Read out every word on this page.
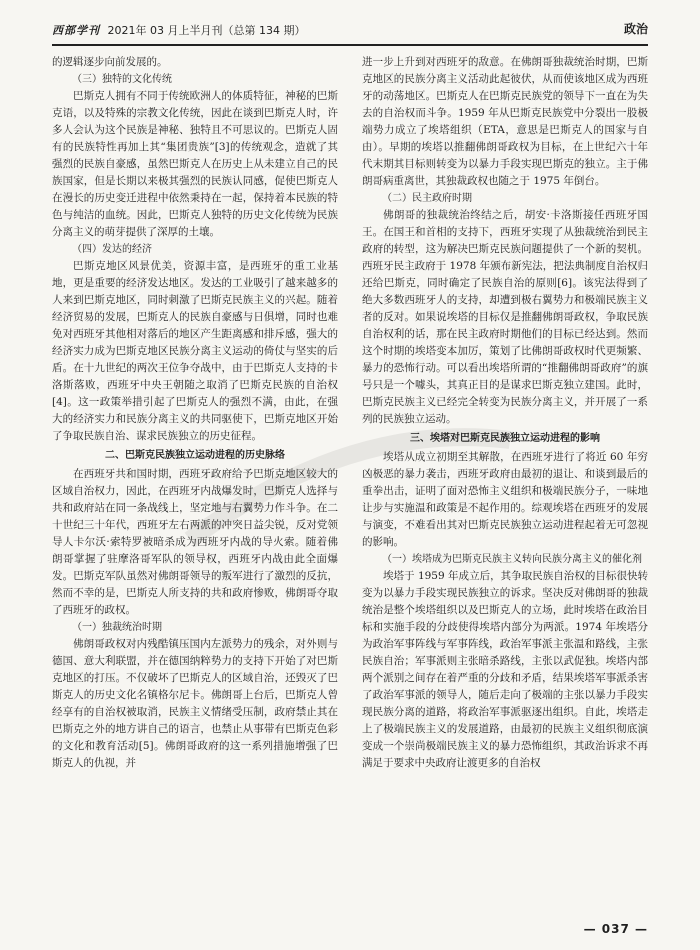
西部学刊 2021年 03 月上半月刊（总第 134 期）	政治

的逻辑逐步向前发展的。

（三）独特的文化传统

巴斯克人拥有不同于传统欧洲人的体质特征，神秘的巴斯克语，以及特殊的宗教文化传统，因此在谈到巴斯克人时，许多人会认为这个民族是神秘、独特且不可思议的。巴斯克人固有的民族特性再加上其“集团贵族”[3]的传统观念，造就了其强烈的民族自豪感，虽然巴斯克人在历史上从未建立自己的民族国家，但是长期以来极其强烈的民族认同感，促使巴斯克人在漫长的历史变迁进程中依然秉持在一起，保持着本民族的特色与纯洁的血统。因此，巴斯克人独特的历史文化传统为民族分离主义的萌芽提供了深厚的土壤。

（四）发达的经济

巴斯克地区风景优美，资源丰富，是西班牙的重工业基地，更是重要的经济发达地区。发达的工业吸引了越来越多的人来到巴斯克地区，同时刺激了巴斯克民族主义的兴起。随着经济贸易的发展，巴斯克人的民族自豪感与日俱增，同时也难免对西班牙其他相对落后的地区产生距离感和排斥感，强大的经济实力成为巴斯克地区民族分离主义运动的倚仗与坚实的后盾。在十九世纪的两次王位争夺战中，由于巴斯克人支持的卡洛斯落败，西班牙中央王朝随之取消了巴斯克民族的自治权[4]。这一政策举措引起了巴斯克人的强烈不满，由此，在强大的经济实力和民族分离主义的共同驱使下，巴斯克地区开始了争取民族自治、谋求民族独立的历史征程。

二、巴斯克民族独立运动进程的历史脉络

在西班牙共和国时期，西班牙政府给予巴斯克地区较大的区域自治权力，因此，在西班牙内战爆发时，巴斯克人选择与共和政府站在同一条战线上，坚定地与右翼势力作斗争。在二十世纪三十年代，西班牙左右两派的冲突日益尖锐，反对党领导人卡尔沃·索特罗被暗杀成为西班牙内战的导火索。随着佛朗哥掌握了驻摩洛哥军队的领导权，西班牙内战由此全面爆发。巴斯克军队虽然对佛朗哥领导的叛军进行了激烈的反抗，然而不幸的是，巴斯克人所支持的共和政府惨败，佛朗哥夺取了西班牙的政权。

（一）独裁统治时期

佛朗哥政权对内残酷镇压国内左派势力的残余，对外则与德国、意大利联盟，并在德国纳粹势力的支持下开始了对巴斯克地区的打压。不仅破坏了巴斯克人的区域自治，还毁灭了巴斯克人的历史文化名镇格尔尼卡。佛朗哥上台后，巴斯克人曾经享有的自治权被取消，民族主义情绪受压制，政府禁止其在巴斯克之外的地方讲自己的语言，也禁止从事带有巴斯克色彩的文化和教育活动[5]。佛朗哥政府的这一系列措施增强了巴斯克人的仇视，并

进一步上升到对西班牙的敌意。在佛朗哥独裁统治时期，巴斯克地区的民族分离主义活动此起彼伏，从而使该地区成为西班牙的动荡地区。巴斯克人在巴斯克民族党的领导下一直在为失去的自治权而斗争。1959 年从巴斯克民族党中分裂出一股极端势力成立了埃塔组织（ETA，意思是巴斯克人的国家与自由）。早期的埃塔以推翻佛朗哥政权为目标，在上世纪六十年代末期其目标则转变为以暴力手段实现巴斯克的独立。主于佛朗哥病重离世，其独裁政权也随之于 1975 年倒台。

（二）民主政府时期

佛朗哥的独裁统治终结之后，胡安·卡洛斯接任西班牙国王。在国王和首相的支持下，西班牙实现了从独裁统治到民主政府的转型，这为解决巴斯克民族问题提供了一个新的契机。西班牙民主政府于 1978 年颁布新宪法，把法典制度自治权归还给巴斯克，同时确定了民族自治的原则[6]。该宪法得到了绝大多数西班牙人的支持，却遭到极右翼势力和极端民族主义者的反对。如果说埃塔的目标仅是推翻佛朗哥政权，争取民族自治权利的话，那在民主政府时期他们的目标已经达到。然而这个时期的埃塔变本加厉，策划了比佛朗哥政权时代更频繁、暴力的恐怖行动。可以看出埃塔所谓的“推翻佛朗哥政府”的旗号只是一个噱头，其真正目的是谋求巴斯克独立建国。此时，巴斯克民族主义已经完全转变为民族分离主义，并开展了一系列的民族独立运动。

三、埃塔对巴斯克民族独立运动进程的影响

埃塔从成立初期至其解散，在西班牙进行了将近 60 年穷凶极恶的暴力袭击，西班牙政府由最初的退让、和谈到最后的重拳出击，证明了面对恐怖主义组织和极端民族分子，一味地让步与实施温和政策是不起作用的。综观埃塔在西班牙的发展与演变，不难看出其对巴斯克民族独立运动进程起着无可忽视的影响。

（一）埃塔成为巴斯克民族主义转向民族分离主义的催化剂

埃塔于 1959 年成立后，其争取民族自治权的目标很快转变为以暴力手段实现民族独立的诉求。坚决反对佛朗哥的独裁统治是整个埃塔组织以及巴斯克人的立场，此时埃塔在政治目标和实施手段的分歧使得埃塔内部分为两派。1974 年埃塔分为政治军事阵线与军事阵线，政治军事派主张温和路线，主张民族自治；军事派则主张暗杀路线，主张以武促独。埃塔内部两个派别之间存在着严重的分歧和矛盾，结果埃塔军事派杀害了政治军事派的领导人，随后走向了极端的主张以暴力手段实现民族分离的道路，将政治军事派驱逐出组织。自此，埃塔走上了极端民族主义的发展道路，由最初的民族主义组织彻底演变成一个崇尚极端民族主义的暴力恐怖组织，其政治诉求不再满足于要求中央政府让渡更多的自治权

— 037 —
